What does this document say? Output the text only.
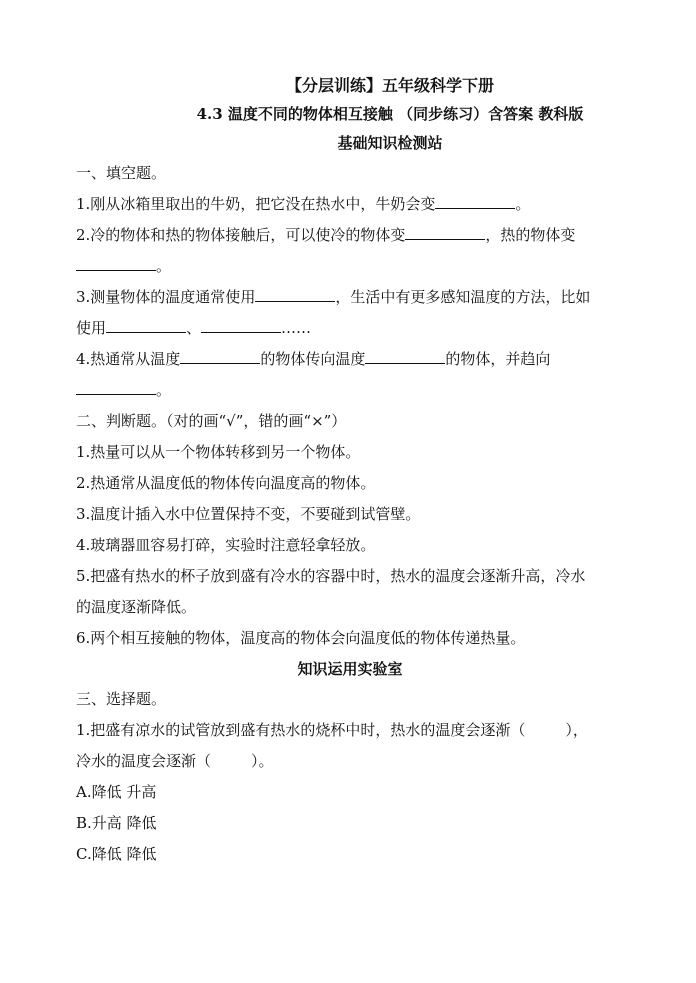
【分层训练】五年级科学下册
4.3 温度不同的物体相互接触 （同步练习）含答案 教科版
基础知识检测站
一、填空题。
1.刚从冰箱里取出的牛奶，把它没在热水中，牛奶会变	。
2.冷的物体和热的物体接触后，可以使冷的物体变	，热的物体变
。
3.测量物体的温度通常使用	，生活中有更多感知温度的方法，比如
使用	、	……
4.热通常从温度	的物体传向温度	的物体，并趋向
。
二、判断题。（对的画“√”，错的画“×”）
1.热量可以从一个物体转移到另一个物体。
2.热通常从温度低的物体传向温度高的物体。
3.温度计插入水中位置保持不变，不要碰到试管壁。
4.玻璃器皿容易打碎，实验时注意轻拿轻放。
5.把盛有热水的杯子放到盛有冷水的容器中时，热水的温度会逐渐升高，冷水
的温度逐渐降低。
6.两个相互接触的物体，温度高的物体会向温度低的物体传递热量。
知识运用实验室
三、选择题。
1.把盛有凉水的试管放到盛有热水的烧杯中时，热水的温度会逐渐（	），
冷水的温度会逐渐（	）。
A.降低 升高
B.升高 降低
C.降低 降低
